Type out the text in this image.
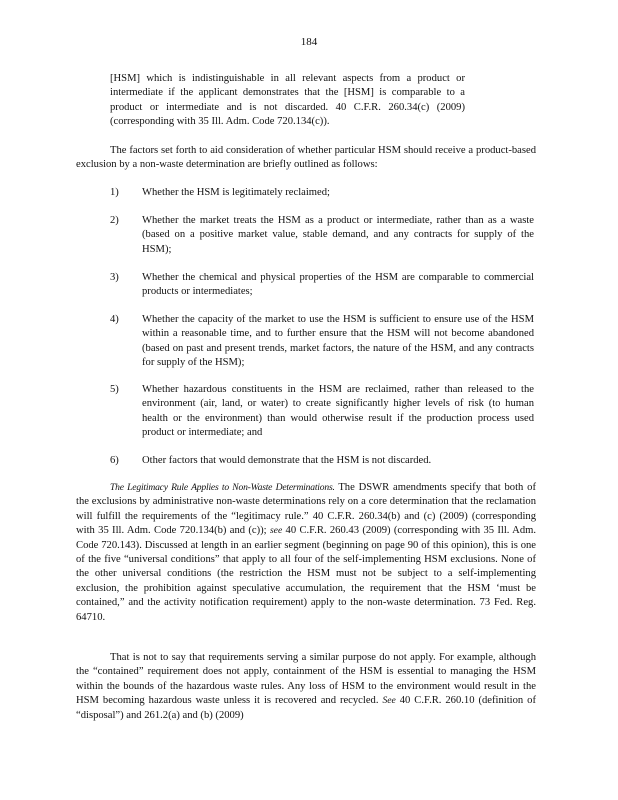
184
[HSM] which is indistinguishable in all relevant aspects from a product or intermediate if the applicant demonstrates that the [HSM] is comparable to a product or intermediate and is not discarded. 40 C.F.R. 260.34(c) (2009) (corresponding with 35 Ill. Adm. Code 720.134(c)).
The factors set forth to aid consideration of whether particular HSM should receive a product-based exclusion by a non-waste determination are briefly outlined as follows:
1)	Whether the HSM is legitimately reclaimed;
2)	Whether the market treats the HSM as a product or intermediate, rather than as a waste (based on a positive market value, stable demand, and any contracts for supply of the HSM);
3)	Whether the chemical and physical properties of the HSM are comparable to commercial products or intermediates;
4)	Whether the capacity of the market to use the HSM is sufficient to ensure use of the HSM within a reasonable time, and to further ensure that the HSM will not become abandoned (based on past and present trends, market factors, the nature of the HSM, and any contracts for supply of the HSM);
5)	Whether hazardous constituents in the HSM are reclaimed, rather than released to the environment (air, land, or water) to create significantly higher levels of risk (to human health or the environment) than would otherwise result if the production process used product or intermediate; and
6)	Other factors that would demonstrate that the HSM is not discarded.
The Legitimacy Rule Applies to Non-Waste Determinations. The DSWR amendments specify that both of the exclusions by administrative non-waste determinations rely on a core determination that the reclamation will fulfill the requirements of the “legitimacy rule.” 40 C.F.R. 260.34(b) and (c) (2009) (corresponding with 35 Ill. Adm. Code 720.134(b) and (c)); see 40 C.F.R. 260.43 (2009) (corresponding with 35 Ill. Adm. Code 720.143). Discussed at length in an earlier segment (beginning on page 90 of this opinion), this is one of the five “universal conditions” that apply to all four of the self-implementing HSM exclusions. None of the other universal conditions (the restriction the HSM must not be subject to a self-implementing exclusion, the prohibition against speculative accumulation, the requirement that the HSM ‘must be contained,” and the activity notification requirement) apply to the non-waste determination. 73 Fed. Reg. 64710.
That is not to say that requirements serving a similar purpose do not apply. For example, although the “contained” requirement does not apply, containment of the HSM is essential to managing the HSM within the bounds of the hazardous waste rules. Any loss of HSM to the environment would result in the HSM becoming hazardous waste unless it is recovered and recycled. See 40 C.F.R. 260.10 (definition of “disposal”) and 261.2(a) and (b) (2009)
